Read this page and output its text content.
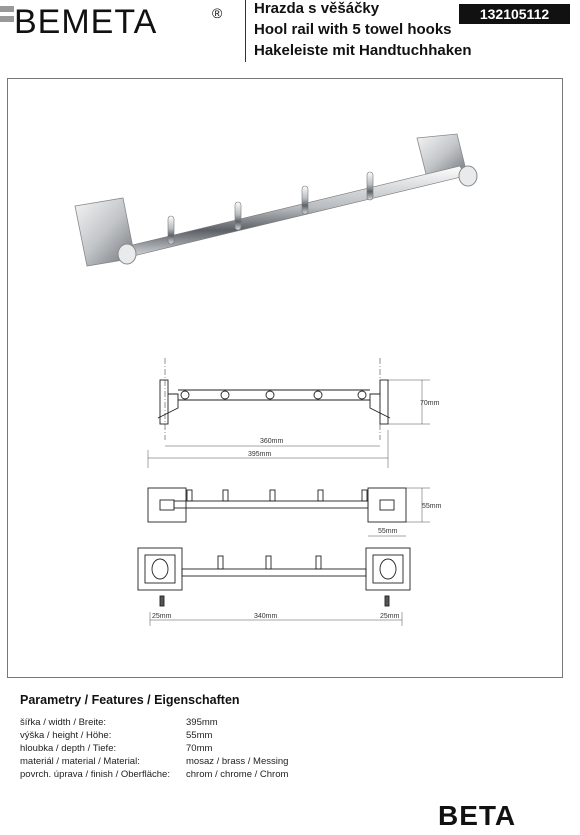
BEMETA	® Hrazda s věšáčky
Hool rail with 5 towel hooks
Hakeleiste mit Handtuchhaken
132105112
70mm
360mm
395mm
55mm
55mm
340mm
25mm	25mm
Parametry / Features / Eigenschaften
šířka / width / Breite:	395mm
výška / height / Höhe:	55mm
hloubka / depth / Tiefe:	70mm
materiál / material / Material:	mosaz / brass / Messing
povrch. úprava / finish / Oberfläche: chrom / chrome / Chrom
BETA
